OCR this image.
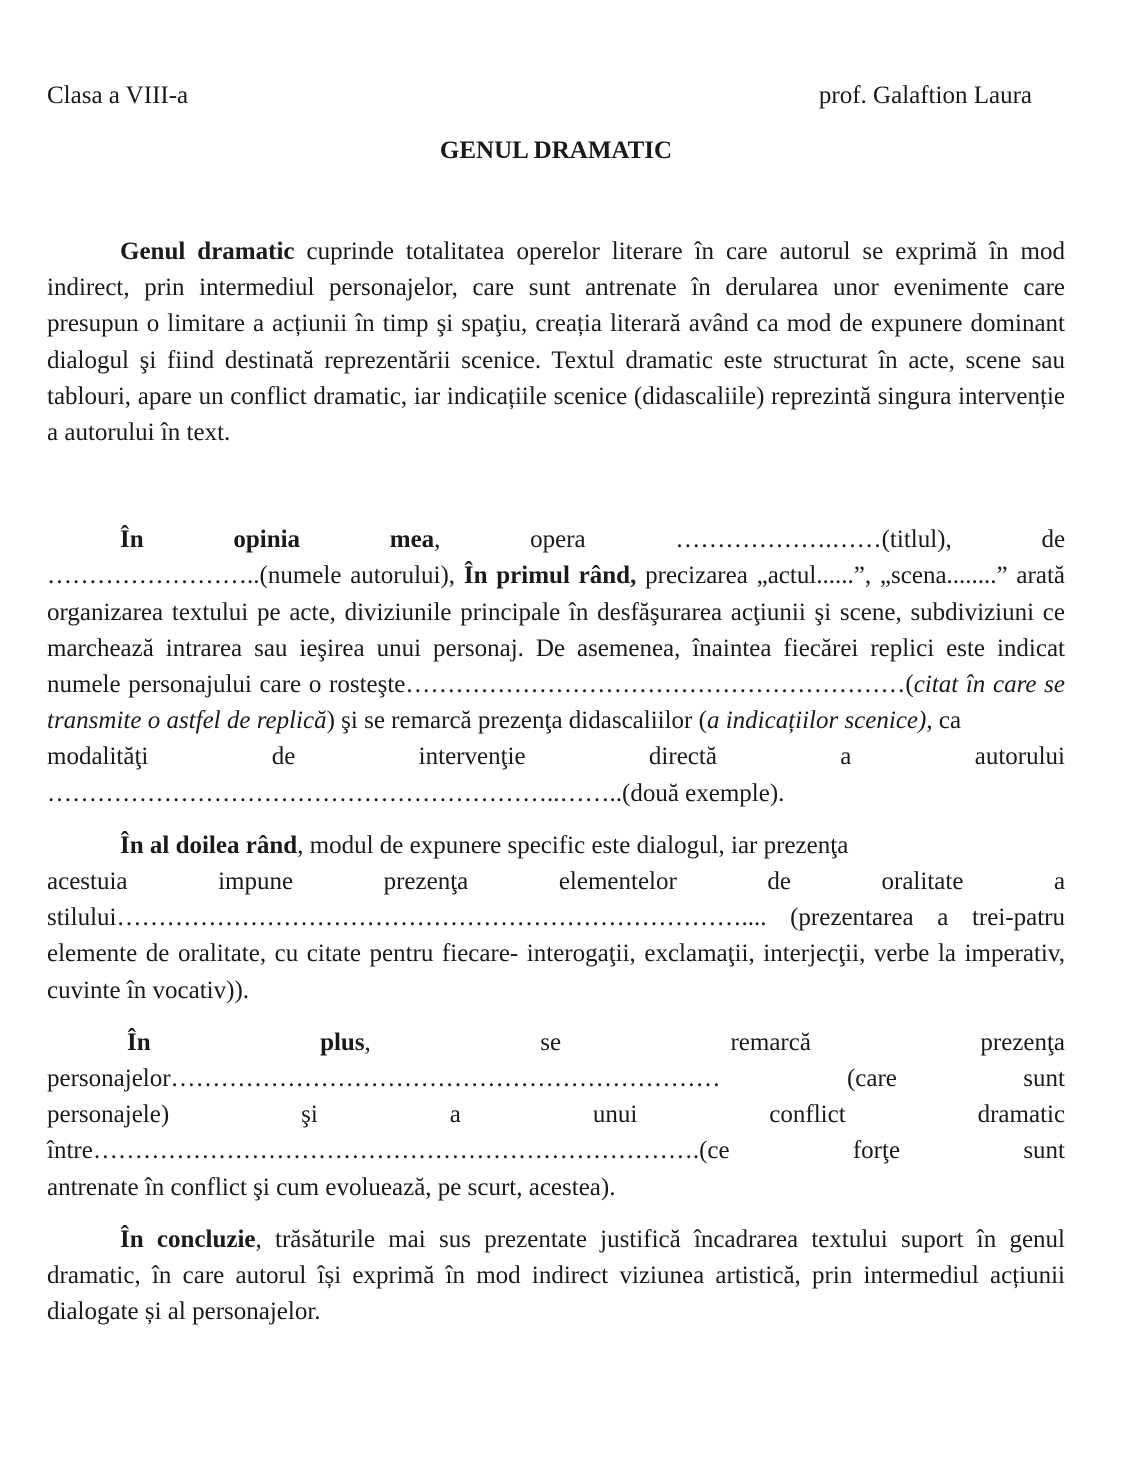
Clasa a VIII-a	prof. Galaftion Laura
GENUL DRAMATIC

Genul dramatic cuprinde totalitatea operelor literare în care autorul se exprimă în mod indirect, prin intermediul personajelor, care sunt antrenate în derularea unor evenimente care presupun o limitare a acțiunii în timp şi spaţiu, creația literară având ca mod de expunere dominant dialogul şi fiind destinată reprezentării scenice. Textul dramatic este structurat în acte, scene sau tablouri, apare un conflict dramatic, iar indicațiile scenice (didascaliile) reprezintă singura intervenție a autorului în text.

În	opinia	mea,	opera	……………….……(titlul),	de

……………………..(numele autorului), În primul rând, precizarea „actul......”, „scena........” arată organizarea textului pe acte, diviziunile principale în desfăşurarea acţiunii şi scene, subdiviziuni ce marchează intrarea sau ieşirea unui personaj. De asemenea, înaintea fiecărei replici este indicat numele personajului care o rosteşte……………………………………………………(citat în care se transmite o astfel de replică) şi se remarcă prezenţa didascaliilor (a indicațiilor scenice), ca

modalităţi	de	intervenţie	directă	a	autorului

……………………………………………………..……..(două exemple).

În al doilea rând, modul de expunere specific este dialogul, iar prezenţa

acestuia	impune	prezenţa	elementelor	de	oralitate	a

stilului………………………………………………………………….... (prezentarea a trei-patru elemente de oralitate, cu citate pentru fiecare- interogaţii, exclamaţii, interjecţii, verbe la imperativ, cuvinte în vocativ)).

În	plus,	se	remarcă	prezenţa
personajelor………………………………………………………… (care sunt
personajele)	şi	a	unui	conflict	dramatic
între……………………………………………………………….(ce forţe sunt

antrenate în conflict şi cum evoluează, pe scurt, acestea).

În concluzie, trăsăturile mai sus prezentate justifică încadrarea textului suport în genul dramatic, în care autorul își exprimă în mod indirect viziunea artistică, prin intermediul acțiunii dialogate și al personajelor.
